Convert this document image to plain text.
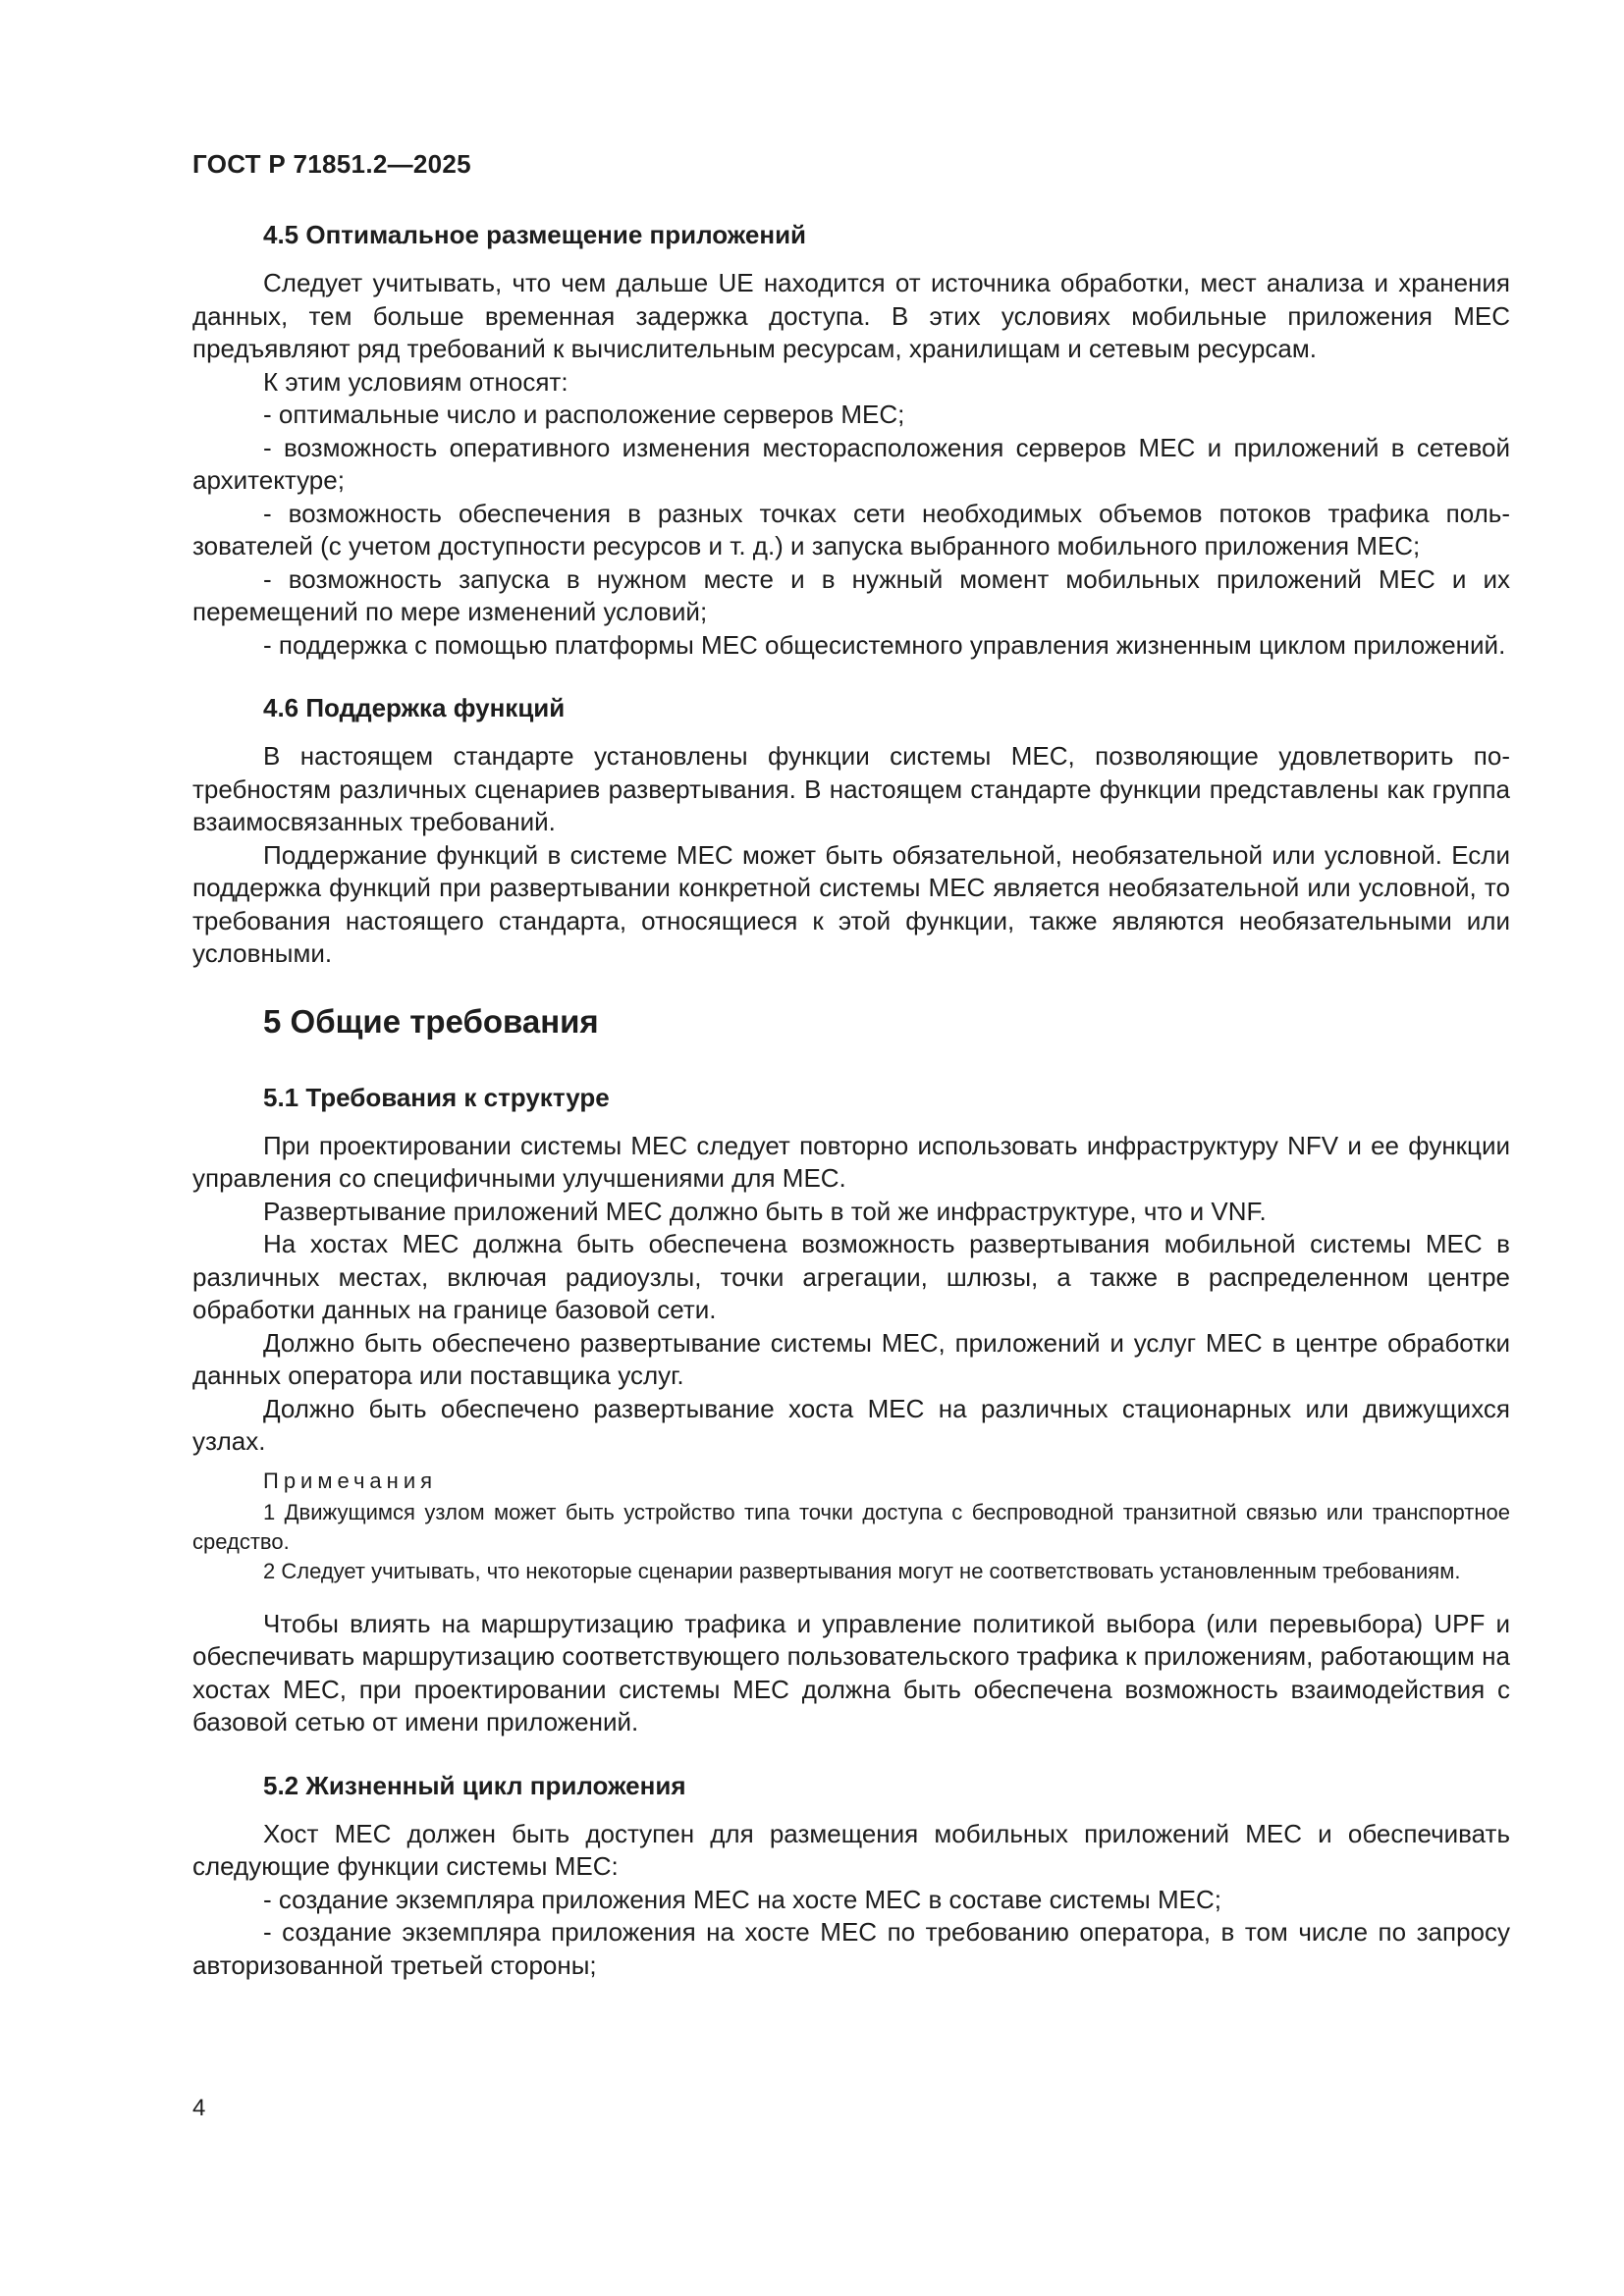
ГОСТ Р 71851.2—2025
4.5 Оптимальное размещение приложений

Следует учитывать, что чем дальше UE находится от источника обработки, мест анализа и хранения данных, тем больше временная задержка доступа. В этих условиях мобильные приложения МЕС предъявляют ряд требований к вычислительным ресурсам, хранилищам и сетевым ресурсам.

К этим условиям относят:

- оптимальные число и расположение серверов МЕС;

- возможность оперативного изменения месторасположения серверов МЕС и приложений в сетевой архитектуре;

- возможность обеспечения в разных точках сети необходимых объемов потоков трафика пользователей (с учетом доступности ресурсов и т. д.) и запуска выбранного мобильного приложения МЕС;

- возможность запуска в нужном месте и в нужный момент мобильных приложений МЕС и их перемещений по мере изменений условий;

- поддержка с помощью платформы МЕС общесистемного управления жизненным циклом приложений.

4.6 Поддержка функций

В настоящем стандарте установлены функции системы МЕС, позволяющие удовлетворить потребностям различных сценариев развертывания. В настоящем стандарте функции представлены как группа взаимосвязанных требований.

Поддержание функций в системе МЕС может быть обязательной, необязательной или условной. Если поддержка функций при развертывании конкретной системы МЕС является необязательной или условной, то требования настоящего стандарта, относящиеся к этой функции, также являются необязательными или условными.

5 Общие требования
5.1 Требования к структуре

При проектировании системы МЕС следует повторно использовать инфраструктуру NFV и ее функции управления со специфичными улучшениями для МЕС.

Развертывание приложений МЕС должно быть в той же инфраструктуре, что и VNF.

На хостах МЕС должна быть обеспечена возможность развертывания мобильной системы МЕС в различных местах, включая радиоузлы, точки агрегации, шлюзы, а также в распределенном центре обработки данных на границе базовой сети.

Должно быть обеспечено развертывание системы МЕС, приложений и услуг МЕС в центре обработки данных оператора или поставщика услуг.

Должно быть обеспечено развертывание хоста МЕС на различных стационарных или движущихся узлах.

Примечания

1 Движущимся узлом может быть устройство типа точки доступа с беспроводной транзитной связью или транспортное средство.

2 Следует учитывать, что некоторые сценарии развертывания могут не соответствовать установленным требованиям.

Чтобы влиять на маршрутизацию трафика и управление политикой выбора (или перевыбора) UPF и обеспечивать маршрутизацию соответствующего пользовательского трафика к приложениям, работающим на хостах МЕС, при проектировании системы МЕС должна быть обеспечена возможность взаимодействия с базовой сетью от имени приложений.

5.2 Жизненный цикл приложения

Хост МЕС должен быть доступен для размещения мобильных приложений МЕС и обеспечивать следующие функции системы МЕС:

- создание экземпляра приложения МЕС на хосте МЕС в составе системы МЕС;

- создание экземпляра приложения на хосте МЕС по требованию оператора, в том числе по запросу авторизованной третьей стороны;

4
